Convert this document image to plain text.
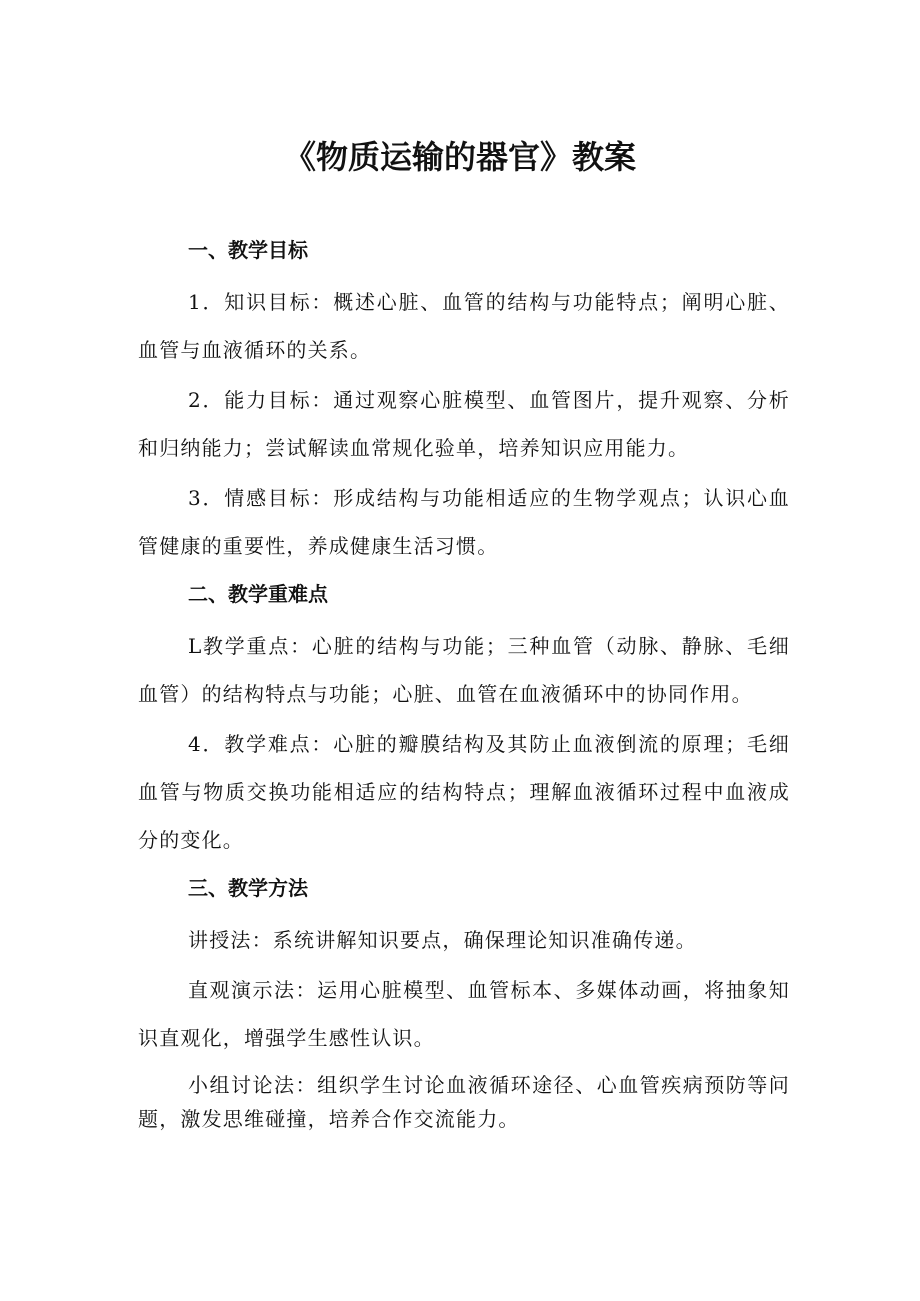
《物质运输的器官》教案
一、教学目标

1．知识目标：概述心脏、血管的结构与功能特点；阐明心脏、血管与血液循环的关系。

2．能力目标：通过观察心脏模型、血管图片，提升观察、分析和归纳能力；尝试解读血常规化验单，培养知识应用能力。

3．情感目标：形成结构与功能相适应的生物学观点；认识心血管健康的重要性，养成健康生活习惯。

二、教学重难点

L教学重点：心脏的结构与功能；三种血管（动脉、静脉、毛细血管）的结构特点与功能；心脏、血管在血液循环中的协同作用。

4．教学难点：心脏的瓣膜结构及其防止血液倒流的原理；毛细血管与物质交换功能相适应的结构特点；理解血液循环过程中血液成分的变化。

三、教学方法

讲授法：系统讲解知识要点，确保理论知识准确传递。

直观演示法：运用心脏模型、血管标本、多媒体动画，将抽象知识直观化，增强学生感性认识。

小组讨论法：组织学生讨论血液循环途径、心血管疾病预防等问题，激发思维碰撞，培养合作交流能力。
